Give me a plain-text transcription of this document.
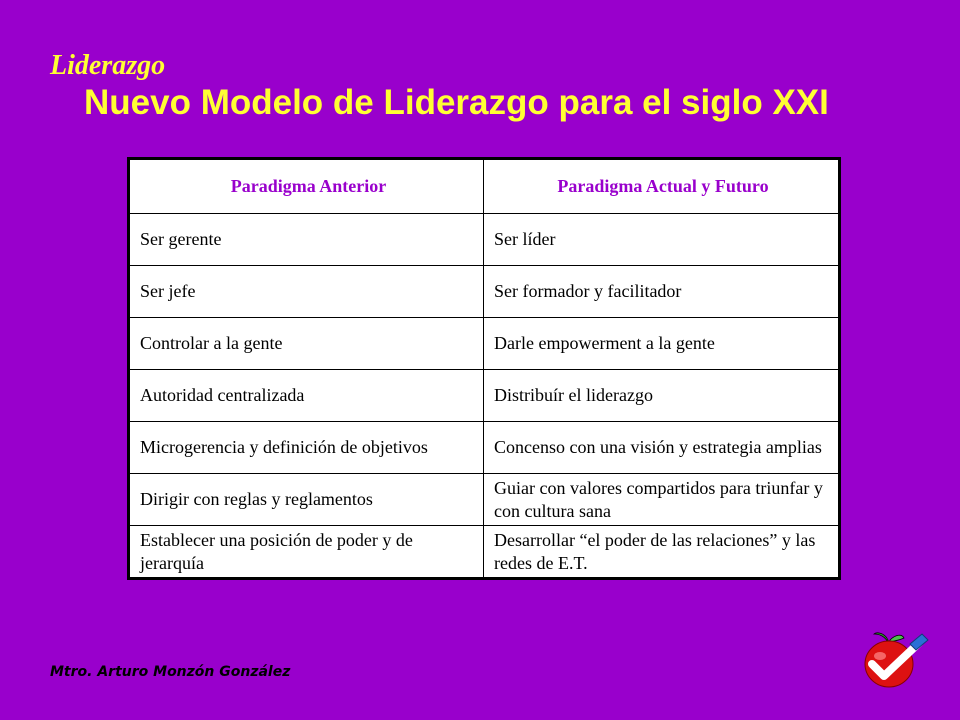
Liderazgo
Nuevo Modelo de Liderazgo para el siglo XXI
Paradigma Anterior	Paradigma Actual y Futuro
Ser gerente	Ser líder
Ser jefe	Ser formador y facilitador
Controlar a la gente	Darle empowerment a la gente
Autoridad centralizada	Distribuír el liderazgo
Microgerencia y definición de objetivos	Concenso con una visión y estrategia amplias
Dirigir con reglas y reglamentos	Guiar con valores compartidos para triunfar y con cultura sana
Establecer una posición de poder y de jerarquía	Desarrollar “el poder de las relaciones” y las redes de E.T.
Mtro. Arturo Monzón González
